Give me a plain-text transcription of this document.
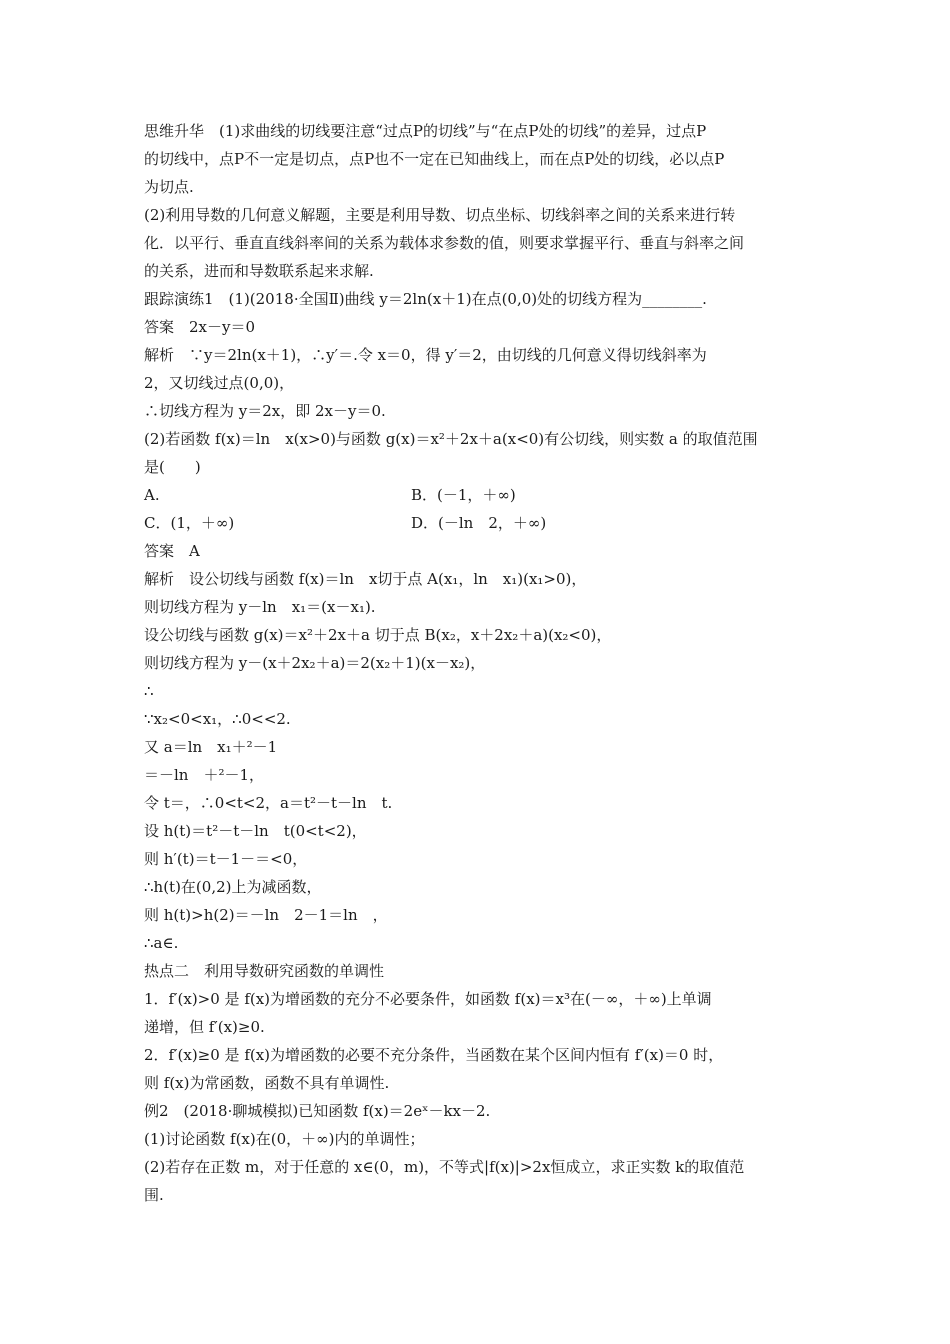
思维升华　(1)求曲线的切线要注意“过点P的切线”与“在点P处的切线”的差异，过点P
的切线中，点P不一定是切点，点P也不一定在已知曲线上，而在点P处的切线，必以点P
为切点.
(2)利用导数的几何意义解题，主要是利用导数、切点坐标、切线斜率之间的关系来进行转
化．以平行、垂直直线斜率间的关系为载体求参数的值，则要求掌握平行、垂直与斜率之间
的关系，进而和导数联系起来求解.
跟踪演练1　(1)(2018·全国Ⅱ)曲线 y＝2ln(x＋1)在点(0,0)处的切线方程为________.
答案　2x－y＝0
解析　∵y＝2ln(x＋1)，∴y′＝.令 x＝0，得 y′＝2，由切线的几何意义得切线斜率为
2，又切线过点(0,0)，
∴切线方程为 y＝2x，即 2x－y＝0.
(2)若函数 f(x)＝ln　x(x>0)与函数 g(x)＝x²＋2x＋a(x<0)有公切线，则实数 a 的取值范围
是(　　)
A.	B．(－1，＋∞)
C．(1，＋∞)	D．(－ln　2，＋∞)
答案　A
解析　设公切线与函数 f(x)＝ln　x切于点 A(x₁，ln　x₁)(x₁>0)，
则切线方程为 y－ln　x₁＝(x－x₁).
设公切线与函数 g(x)＝x²＋2x＋a 切于点 B(x₂，x＋2x₂＋a)(x₂<0)，
则切线方程为 y－(x＋2x₂＋a)＝2(x₂＋1)(x－x₂)，
∴
∵x₂<0<x₁，∴0<<2.
又 a＝ln　x₁＋²－1
＝－ln　＋²－1，
令 t＝，∴0<t<2，a＝t²－t－ln　t.
设 h(t)＝t²－t－ln　t(0<t<2)，
则 h′(t)＝t－1－＝<0，
∴h(t)在(0,2)上为减函数，
则 h(t)>h(2)＝－ln　2－1＝ln　，
∴a∈.
热点二　利用导数研究函数的单调性
1．f′(x)>0 是 f(x)为增函数的充分不必要条件，如函数 f(x)＝x³在(－∞，＋∞)上单调
递增，但 f′(x)≥0.
2．f′(x)≥0 是 f(x)为增函数的必要不充分条件，当函数在某个区间内恒有 f′(x)＝0 时，
则 f(x)为常函数，函数不具有单调性.
例2　(2018·聊城模拟)已知函数 f(x)＝2eˣ－kx－2.
(1)讨论函数 f(x)在(0，＋∞)内的单调性；
(2)若存在正数 m，对于任意的 x∈(0，m)，不等式|f(x)|>2x恒成立，求正实数 k的取值范
围.
